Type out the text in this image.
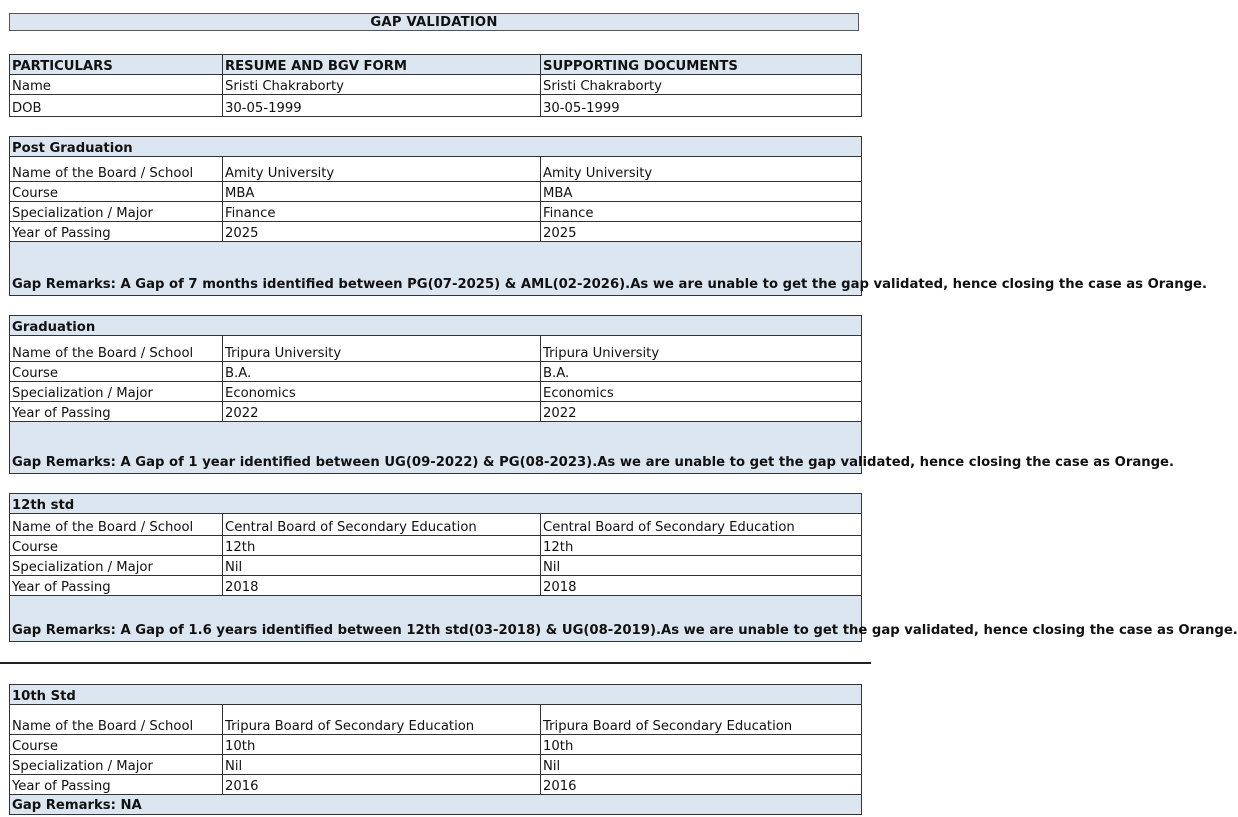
GAP VALIDATION
PARTICULARS	RESUME AND BGV FORM	SUPPORTING DOCUMENTS
Name	Sristi Chakraborty	Sristi Chakraborty
DOB	30-05-1999	30-05-1999
Post Graduation		
Name of the Board / School	Amity University	Amity University
Course	MBA	MBA
Specialization / Major	Finance	Finance
Year of Passing	2025	2025
Gap Remarks: A Gap of 7 months identified between PG(07-2025) & AML(02-2026).As we are unable to get the gap validated, hence closing the case as Orange.		
Graduation		
Name of the Board / School	Tripura University	Tripura University
Course	B.A.	B.A.
Specialization / Major	Economics	Economics
Year of Passing	2022	2022
Gap Remarks: A Gap of 1 year identified between UG(09-2022) & PG(08-2023).As we are unable to get the gap validated, hence closing the case as Orange.		
12th std		
Name of the Board / School	Central Board of Secondary Education	Central Board of Secondary Education
Course	12th	12th
Specialization / Major	Nil	Nil
Year of Passing	2018	2018
Gap Remarks: A Gap of 1.6 years identified between 12th std(03-2018) & UG(08-2019).As we are unable to get the gap validated, hence closing the case as Orange.		
10th Std		
Name of the Board / School	Tripura Board of Secondary Education	Tripura Board of Secondary Education
Course	10th	10th
Specialization / Major	Nil	Nil
Year of Passing	2016	2016
Gap Remarks: NA		
